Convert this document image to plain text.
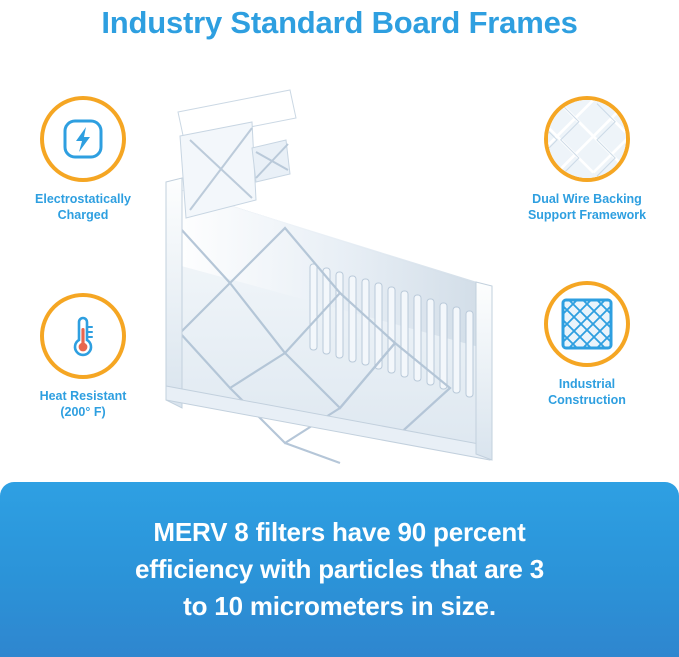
Industry Standard Board Frames
Electrostatically
Charged
Heat Resistant
(200° F)
Dual Wire Backing
Support Framework
Industrial
Construction
MERV 8 filters have 90 percent
efficiency with particles that are 3
to 10 micrometers in size.
